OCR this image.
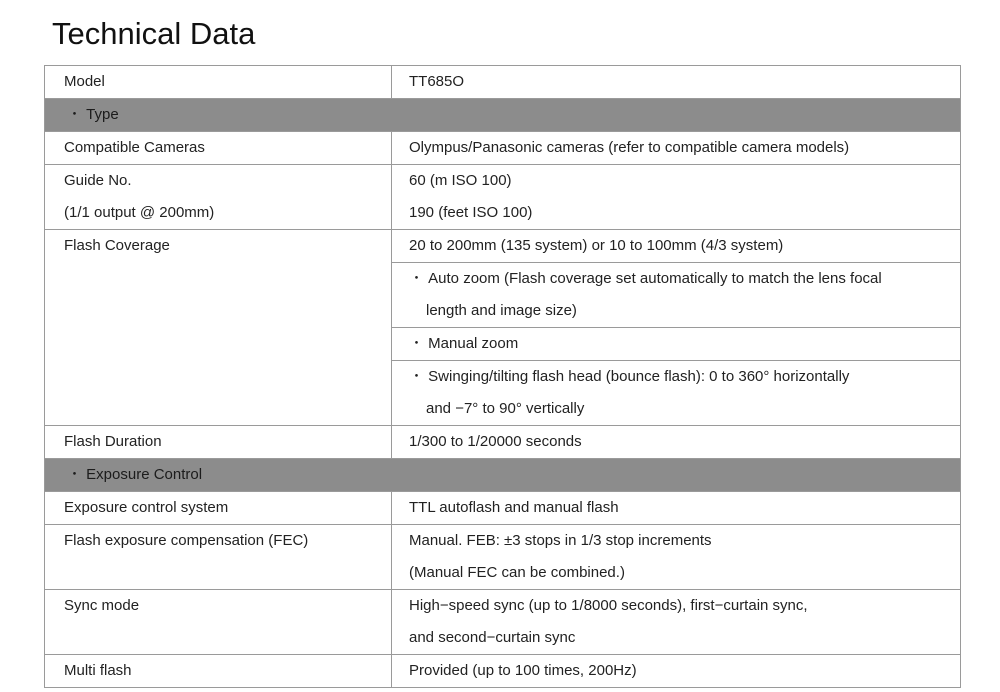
Technical Data
Model	TT685O
・ Type	
Compatible Cameras	Olympus/Panasonic cameras (refer to compatible camera models)
Guide No.	60 (m ISO 100)
(1/1 output @ 200mm)	190 (feet ISO 100)
Flash Coverage	20 to 200mm (135 system) or 10 to 100mm (4/3 system)
	・ Auto zoom (Flash coverage set automatically to match the lens focal
	length and image size)
	・ Manual zoom
	・ Swinging/tilting flash head (bounce flash): 0 to 360° horizontally
	and −7° to 90° vertically
Flash Duration	1/300 to 1/20000 seconds
・ Exposure Control	
Exposure control system	TTL autoflash and manual flash
Flash exposure compensation (FEC)	Manual. FEB: ±3 stops in 1/3 stop increments
	(Manual FEC can be combined.)
Sync mode	High−speed sync (up to 1/8000 seconds), first−curtain sync,
	and second−curtain sync
Multi flash	Provided (up to 100 times, 200Hz)
